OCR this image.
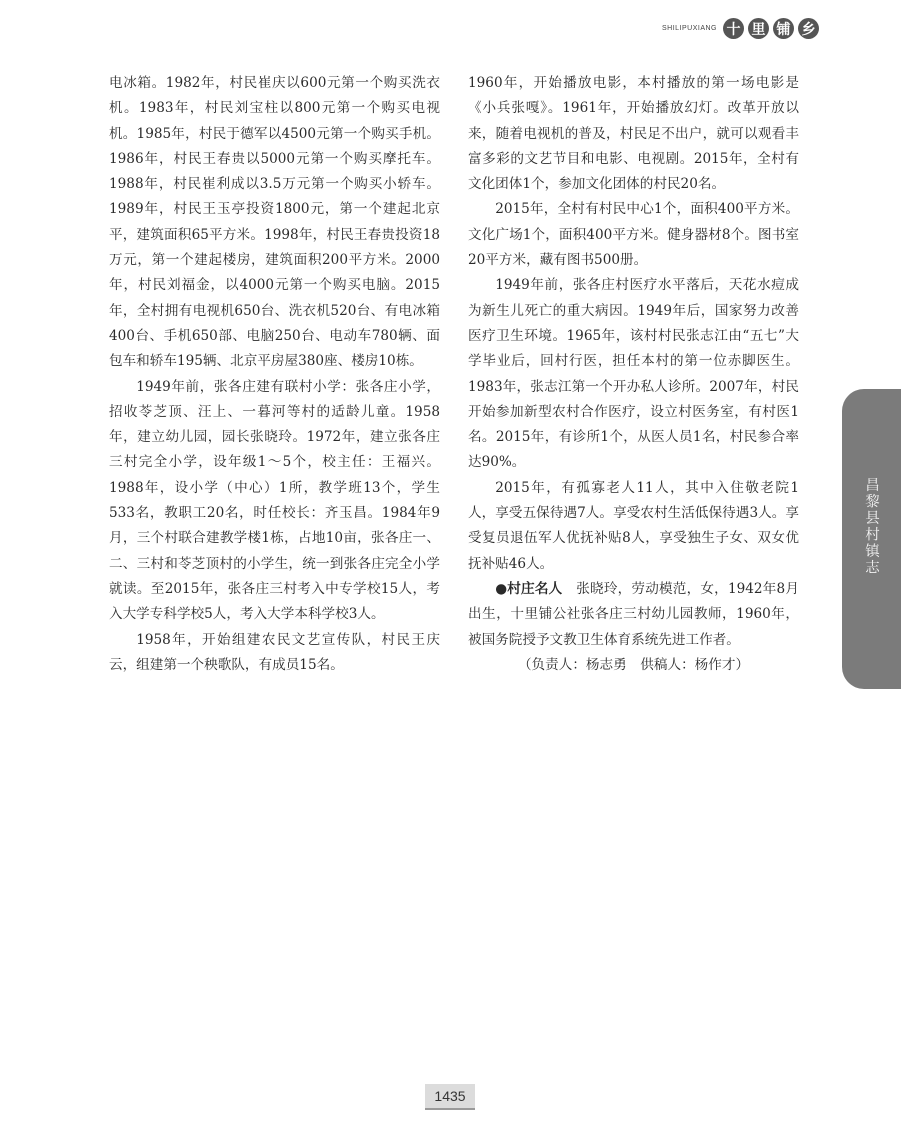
SHILIPUXIANG 十 里 铺 乡

电冰箱。1982年，村民崔庆以600元第一个购买洗衣机。1983年，村民刘宝柱以800元第一个购买电视机。1985年，村民于德军以4500元第一个购买手机。1986年，村民王春贵以5000元第一个购买摩托车。1988年，村民崔利成以3.5万元第一个购买小轿车。1989年，村民王玉亭投资1800元，第一个建起北京平，建筑面积65平方米。1998年，村民王春贵投资18万元，第一个建起楼房，建筑面积200平方米。2000年，村民刘福金，以4000元第一个购买电脑。2015年，全村拥有电视机650台、洗衣机520台、有电冰箱400台、手机650部、电脑250台、电动车780辆、面包车和轿车195辆、北京平房屋380座、楼房10栋。

1949年前，张各庄建有联村小学：张各庄小学，招收苓芝顶、汪上、一暮河等村的适龄儿童。1958年，建立幼儿园，园长张晓玲。1972年，建立张各庄三村完全小学，设年级1～5个，校主任：王福兴。1988年，设小学（中心）1所，教学班13个，学生533名，教职工20名，时任校长：齐玉昌。1984年9月，三个村联合建教学楼1栋，占地10亩，张各庄一、二、三村和苓芝顶村的小学生，统一到张各庄完全小学就读。至2015年，张各庄三村考入中专学校15人，考入大学专科学校5人，考入大学本科学校3人。

1958年，开始组建农民文艺宣传队，村民王庆云，组建第一个秧歌队，有成员15名。

1960年，开始播放电影，本村播放的第一场电影是《小兵张嘎》。1961年，开始播放幻灯。改革开放以来，随着电视机的普及，村民足不出户，就可以观看丰富多彩的文艺节目和电影、电视剧。2015年，全村有文化团体1个，参加文化团体的村民20名。

2015年，全村有村民中心1个，面积400平方米。文化广场1个，面积400平方米。健身器材8个。图书室20平方米，藏有图书500册。

1949年前，张各庄村医疗水平落后，天花水痘成为新生儿死亡的重大病因。1949年后，国家努力改善医疗卫生环境。1965年，该村村民张志江由“五七”大学毕业后，回村行医，担任本村的第一位赤脚医生。1983年，张志江第一个开办私人诊所。2007年，村民开始参加新型农村合作医疗，设立村医务室，有村医1名。2015年，有诊所1个，从医人员1名，村民参合率达90%。

2015年，有孤寡老人11人，其中入住敬老院1人，享受五保待遇7人。享受农村生活低保待遇3人。享受复员退伍军人优抚补贴8人，享受独生子女、双女优抚补贴46人。

●村庄名人　 张晓玲，劳动模范，女，1942年8月出生，十里铺公社张各庄三村幼儿园教师，1960年，被国务院授予文教卫生体育系统先进工作者。

（负责人：杨志勇　供稿人：杨作才）

昌黎县村镇志
1435
